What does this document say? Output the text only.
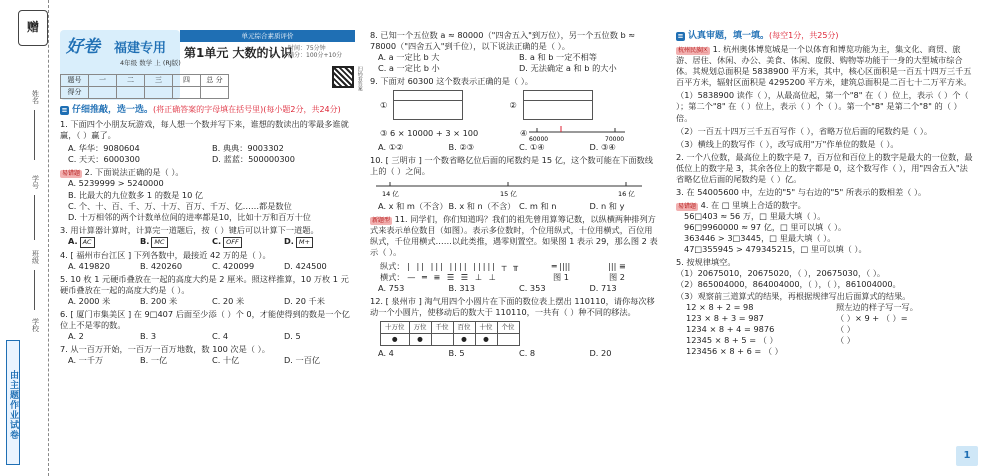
赠
姓名
学号
班级
学校
由主题作业试卷
好卷 福建专用
4年级 数学 上 (RJ版)
单元综合素质评价
第1单元 大数的认识
时间：75分钟
满分：100分+10分
题号	一	二	三	四	总 分
得分					
扫码看答案
≡ 仔细推敲，选一选。(将正确答案的字母填在括号里)(每小题2分，共24分)
1. 下面四个小朋友玩游戏，每人想一个数并写下来，谁想的数读出的零最多谁就赢，（ ）赢了。
A. 华华：9080604	B. 典典：9003302
C. 天天：6000300	D. 蓝蓝：500000300
易错题 2. 下面说法正确的是（ ）。
A. 5239999 > 5240000
B. 比最大的九位数多 1 的数是 10 亿
C. 个、十、百、千、万、十万、百万、千万、亿……都是数位
D. 十万相邻的两个计数单位间的进率都是10，比如十万和百万十位
3. 用计算器计算时，计算完一道题后，按（ ）键后可以计算下一道题。
A. AC	B. MC	C. OFF	D. M+
4. [ 福州市台江区 ] 下列各数中，最接近 42 万的是（ ）。
A. 419820	B. 420260	C. 420099	D. 424500
5. 10 枚 1 元硬币叠放在一起的高度大约是 2 厘米。照这样推算，10 万枚 1 元硬币叠放在一起的高度大约是（ ）。
A. 2000 米	B. 200 米	C. 20 米	D. 20 千米
6. [ 厦门市集美区 ] 在 9□407 后面至少添（ ）个 0，才能使得到的数是一个亿位上不是零的数。
A. 2	B. 3	C. 4	D. 5
7. 从一百万开始，一百万一百万地数，数 100 次是（ ）。
A. 一千万	B. 一亿	C. 十亿	D. 一百亿
8. 已知一个五位数 a ≈ 80000（"四舍五入"到万位），另一个五位数 b ≈ 78000（"四舍五入"到千位），以下说法正确的是（ ）。
A. a 一定比 b 大	B. a 和 b 一定不相等
C. a 一定比 b 小	D. 无法确定 a 和 b 的大小
9. 下面对 60300 这个数表示正确的是（ ）。
①	②
③ 6 × 10000 + 3 × 100	④
60000	70000
A. ①②	B. ②③	C. ①④	D. ③④
10. [ 三明市 ] 一个数省略亿位后面的尾数约是 15 亿，这个数可能在下面数线上的（ ）之间。
14 亿	15 亿	16 亿
A. x 和 m（不含） B. x 和 n（不含） C. m 和 n	D. n 和 y
新题型 11. 同学们，你们知道吗？我们的祖先曾用算筹记数，以纵横两种排列方式来表示单位数目（如图）。表示多位数时，个位用纵式，十位用横式，百位用纵式，千位用横式……以此类推，遇零则置空。如果图 1 表示 29，那么图 2 表示（ ）。
纵式： | || ||| |||| ||||| ┬ ╥
横式： — ═ ≡ ☰ ☰ ⊥ ⊥
═ ||||
图 1
||| ≡
图 2
A. 753	B. 313	C. 353	D. 713
12. [ 泉州市 ] 淘气用四个小圆片在下面的数位表上摆出 110110，请你每次移动一个小圆片，使移动后的数大于 110110，一共有（ ）种不同的移法。
十万位	万位	千位	百位	十位	个位
●	●		●	●	
A. 4	B. 5	C. 8	D. 20
≡ 认真审题，填一填。(每空1分，共25分)
杭州民族区 1. 杭州奥体博览城是一个以体育和博览功能为主，集文化、商贸、旅游、居住、休闲、办公、美食、体闲、度假、购物等功能于一身的大型城市综合体。其规划总面积是 5838900 平方米，其中，核心区面积是一百五十四万三千五百平方米，辐射区面积是 4295200 平方米，建筑总面积是二百七十二万平方米。
（1）5838900 读作（ ），从最高位起，第一个"8" 在（ ）位上，表示（ ）个（ ）；第二个"8" 在（ ）位上，表示（ ）个（ ）。第一个"8" 是第二个"8" 的（ ）倍。
（2）一百五十四万三千五百写作（ ），省略万位后面的尾数约是（ ）。
（3）横线上的数写作（ ），改写成用"万"作单位的数是（ ）。
2. 一个八位数，最高位上的数字是 7，百万位和百位上的数字是最大的一位数，最低位上的数字是 3，其余各位上的数字都是 0，这个数写作（ ），用"四舍五入"法省略亿位后面的尾数约是（ ）亿。
3. 在 54005600 中，左边的"5" 与右边的"5" 所表示的数相差（ ）。
易错题 4. 在 □ 里填上合适的数字。
56□403 ≈ 56 万，□ 里最大填（ ）。
96□9960000 ≈ 97 亿，□ 里可以填（ ）。
363446 > 3□3445，□ 里最大填（ ）。
47□355945 > 479345215，□ 里可以填（ ）。
5. 按规律填空。
（1）20675010，20675020，（ ），20675030，（ ）。
（2）865004000，864004000，（ ），（ ），861004000。
（3）观察前三道算式的结果，再根据规律写出后面算式的结果。
12 × 8 + 2 = 98
123 × 8 + 3 = 987
1234 × 8 + 4 = 9876
12345 × 8 + 5 = （ ）
123456 × 8 + 6 = （ ）
照左边的样子写一写。
（ ）× 9 + （ ）=
（ ）
（ ）
1
